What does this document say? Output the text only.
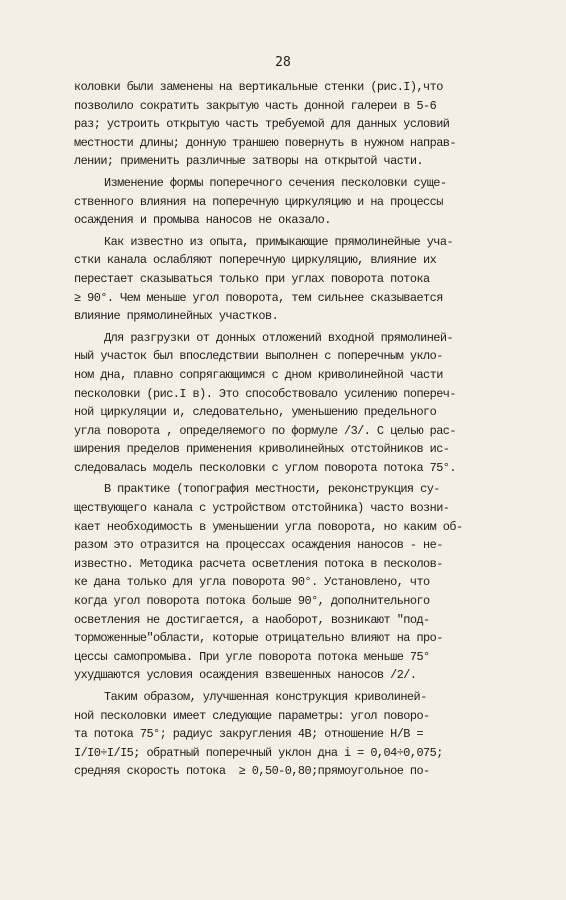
28
коловки были заменены на вертикальные стенки (рис.I),что
позволило сократить закрытую часть донной галереи в 5-6
раз; устроить открытую часть требуемой для данных условий
местности длины; донную траншею повернуть в нужном направ-
лении; применить различные затворы на открытой части.
Изменение формы поперечного сечения песколовки суще-
ственного влияния на поперечную циркуляцию и на процессы
осаждения и промыва наносов не оказало.
Как известно из опыта, примыкающие прямолинейные уча-
стки канала ослабляют поперечную циркуляцию, влияние их
перестает сказываться только при углах поворота потока
≥ 90°. Чем меньше угол поворота, тем сильнее сказывается
влияние прямолинейных участков.
Для разгрузки от донных отложений входной прямолиней-
ный участок был впоследствии выполнен с поперечным укло-
ном дна, плавно сопрягающимся с дном криволинейной части
песколовки (рис.I в). Это способствовало усилению попереч-
ной циркуляции и, следовательно, уменьшению предельного
угла поворота , определяемого по формуле /3/. С целью рас-
ширения пределов применения криволинейных отстойников ис-
следовалась модель песколовки с углом поворота потока 75°.
В практике (топография местности, реконструкция су-
ществующего канала с устройством отстойника) часто возни-
кает необходимость в уменьшении угла поворота, но каким об-
разом это отразится на процессах осаждения наносов - не-
известно. Методика расчета осветления потока в песколов-
ке дана только для угла поворота 90°. Установлено, что
когда угол поворота потока больше 90°, дополнительного
осветления не достигается, а наоборот, возникают "под-
торможенные"области, которые отрицательно влияют на про-
цессы самопромыва. При угле поворота потока меньше 75°
ухудшаются условия осаждения взвешенных наносов /2/.
Таким образом, улучшенная конструкция криволиней-
ной песколовки имеет следующие параметры: угол поворо-
та потока 75°; радиус закругления 4B; отношение H/B =
I/I0÷I/I5; обратный поперечный уклон дна i = 0,04÷0,075;
средняя скорость потока  ≥ 0,50-0,80;прямоугольное по-
